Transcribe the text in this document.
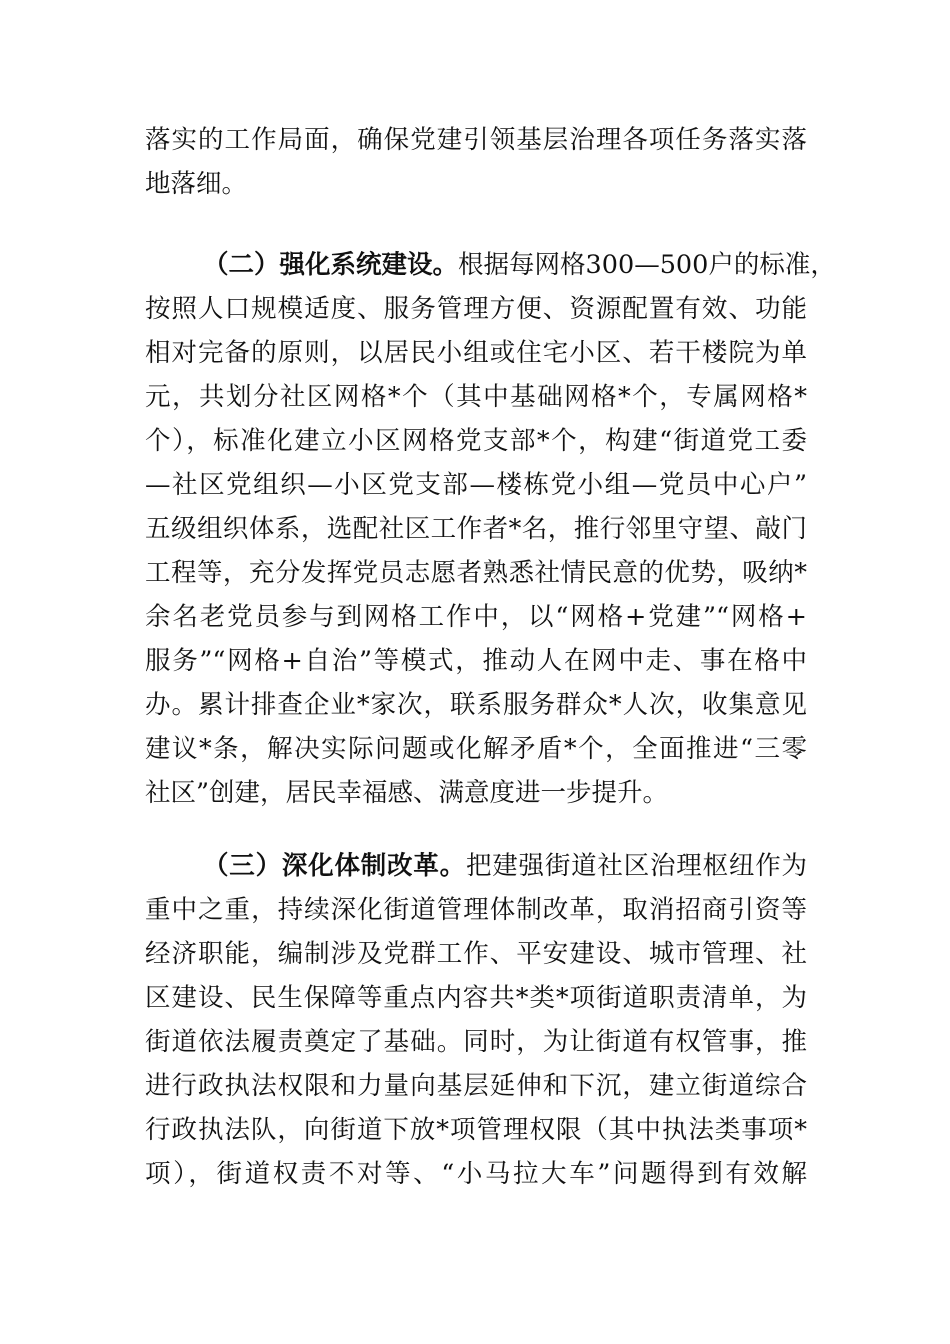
落实的工作局面，确保党建引领基层治理各项任务落实落
地落细。
（二）强化系统建设。根据每网格300—500户的标准，
按照人口规模适度、服务管理方便、资源配置有效、功能
相对完备的原则，以居民小组或住宅小区、若干楼院为单
元，共划分社区网格*个（其中基础网格*个，专属网格*
个），标准化建立小区网格党支部*个，构建“街道党工委
—社区党组织—小区党支部—楼栋党小组—党员中心户”
五级组织体系，选配社区工作者*名，推行邻里守望、敲门
工程等，充分发挥党员志愿者熟悉社情民意的优势，吸纳*
余名老党员参与到网格工作中，以“网格+党建”“网格+
服务”“网格+自治”等模式，推动人在网中走、事在格中
办。累计排查企业*家次，联系服务群众*人次，收集意见
建议*条，解决实际问题或化解矛盾*个，全面推进“三零
社区”创建，居民幸福感、满意度进一步提升。
（三）深化体制改革。把建强街道社区治理枢纽作为
重中之重，持续深化街道管理体制改革，取消招商引资等
经济职能，编制涉及党群工作、平安建设、城市管理、社
区建设、民生保障等重点内容共*类*项街道职责清单，为
街道依法履责奠定了基础。同时，为让街道有权管事，推
进行政执法权限和力量向基层延伸和下沉，建立街道综合
行政执法队，向街道下放*项管理权限（其中执法类事项*
项），街道权责不对等、“小马拉大车”问题得到有效解
